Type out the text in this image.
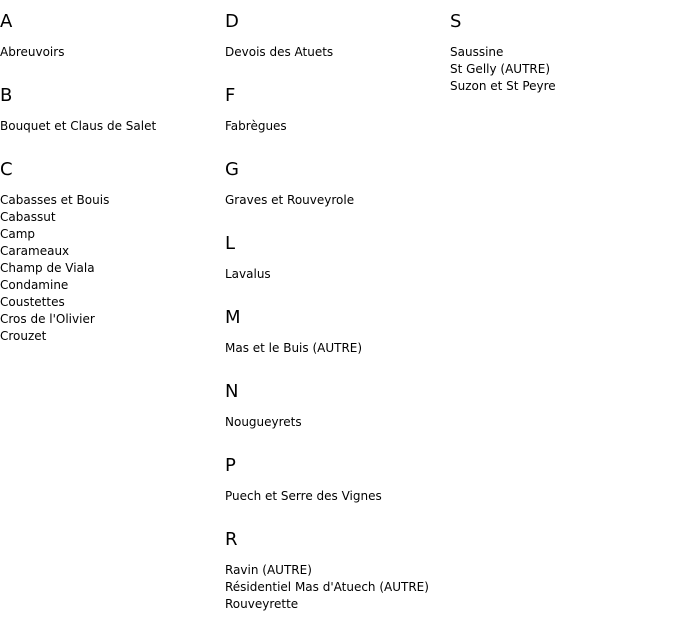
A
Abreuvoirs
B
Bouquet et Claus de Salet
C
Cabasses et Bouis
Cabassut
Camp
Carameaux
Champ de Viala
Condamine
Coustettes
Cros de l'Olivier
Crouzet
D
Devois des Atuets
F
Fabrègues
G
Graves et Rouveyrole
L
Lavalus
M
Mas et le Buis (AUTRE)
N
Nougueyrets
P
Puech et Serre des Vignes
R
Ravin (AUTRE)
Résidentiel Mas d'Atuech (AUTRE)
Rouveyrette
S
Saussine
St Gelly (AUTRE)
Suzon et St Peyre
